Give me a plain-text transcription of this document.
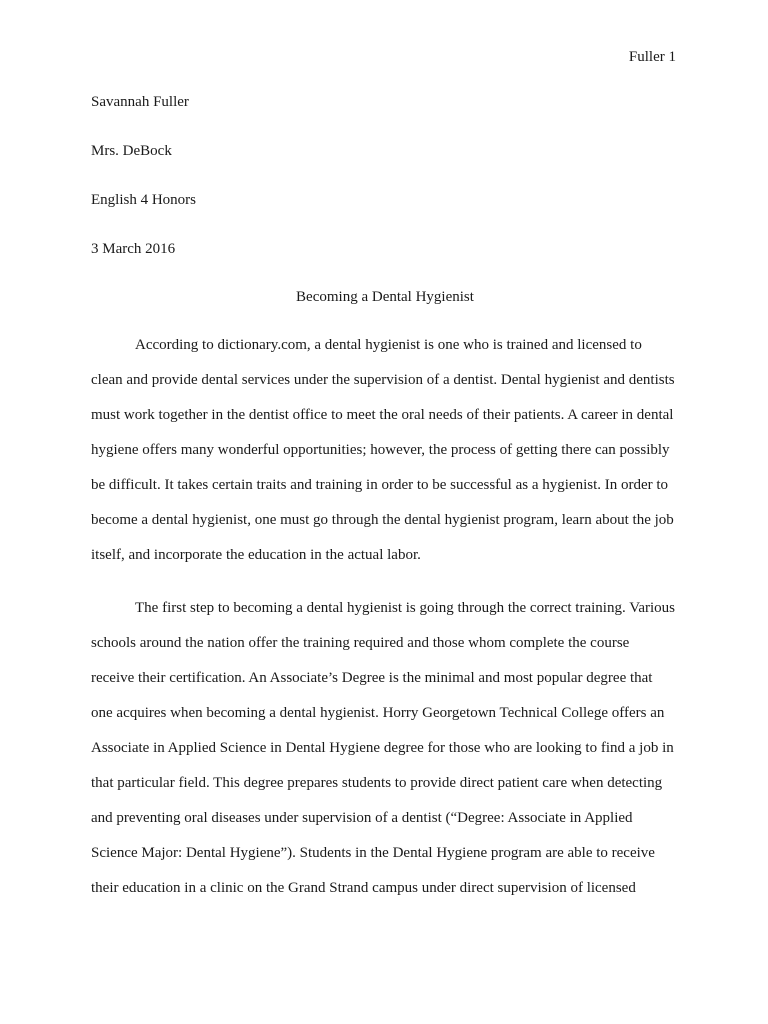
Fuller 1
Savannah Fuller
Mrs. DeBock
English 4 Honors
3 March 2016
Becoming a Dental Hygienist
According to dictionary.com, a dental hygienist is one who is trained and licensed to
clean and provide dental services under the supervision of a dentist. Dental hygienist and dentists
must work together in the dentist office to meet the oral needs of their patients. A career in dental
hygiene offers many wonderful opportunities; however, the process of getting there can possibly
be difficult. It takes certain traits and training in order to be successful as a hygienist. In order to
become a dental hygienist, one must go through the dental hygienist program, learn about the job
itself, and incorporate the education in the actual labor.
The first step to becoming a dental hygienist is going through the correct training. Various
schools around the nation offer the training required and those whom complete the course
receive their certification. An Associate’s Degree is the minimal and most popular degree that
one acquires when becoming a dental hygienist. Horry Georgetown Technical College offers an
Associate in Applied Science in Dental Hygiene degree for those who are looking to find a job in
that particular field. This degree prepares students to provide direct patient care when detecting
and preventing oral diseases under supervision of a dentist (“Degree: Associate in Applied
Science Major: Dental Hygiene”). Students in the Dental Hygiene program are able to receive
their education in a clinic on the Grand Strand campus under direct supervision of licensed
